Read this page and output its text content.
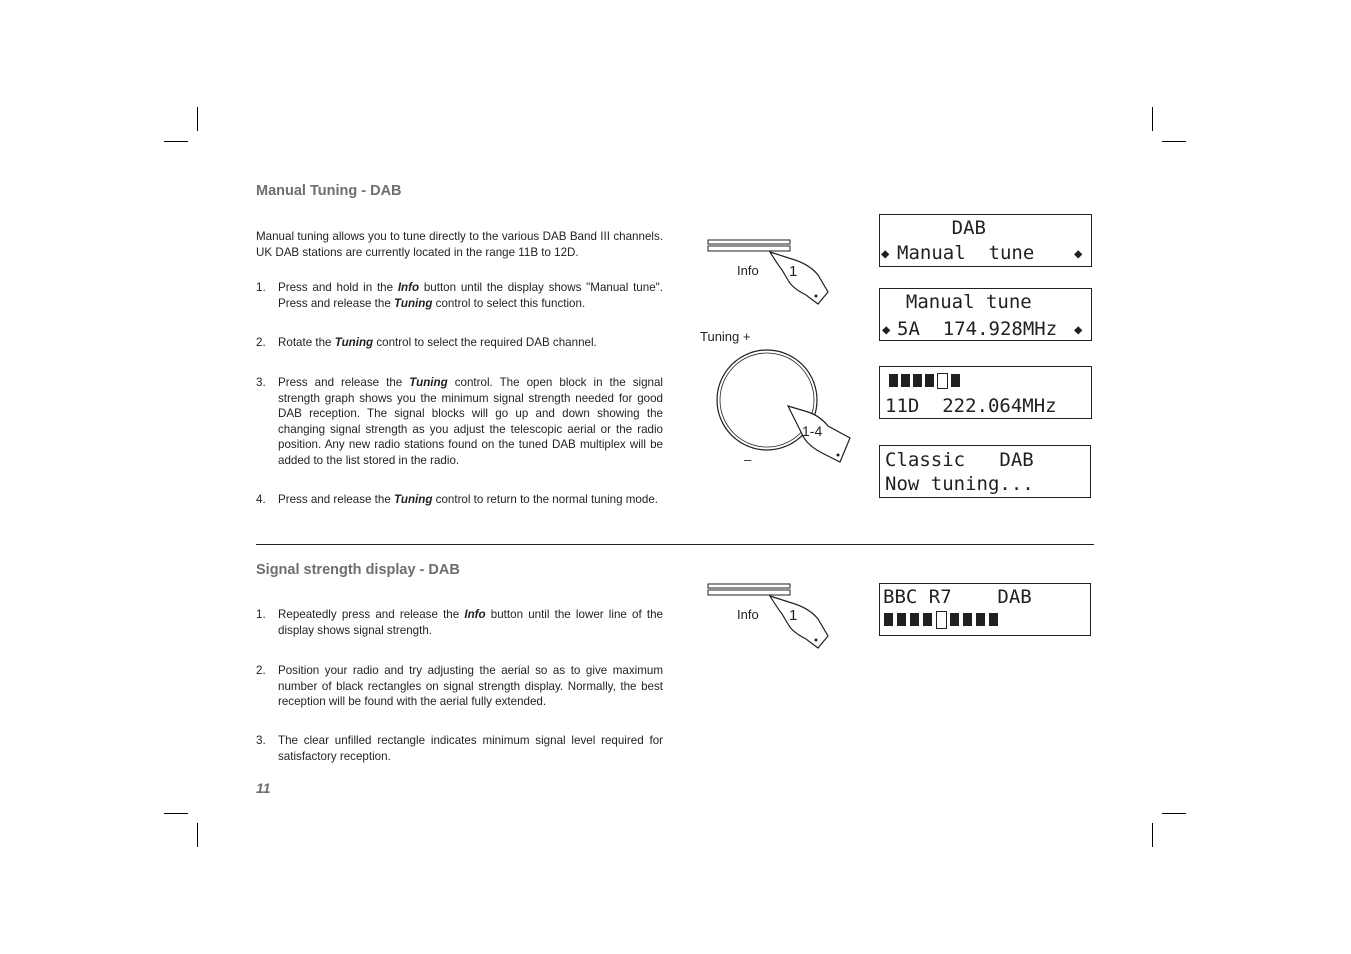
Manual Tuning - DAB

Manual tuning allows you to tune directly to the various DAB Band III channels. UK DAB stations are currently located in the range 11B to 12D.

1. Press and hold in the Info button until the display shows "Manual tune". Press and release the Tuning control to select this function.
2. Rotate the Tuning control to select the required DAB channel.
3. Press and release the Tuning control. The open block in the signal strength graph shows you the minimum signal strength needed for good DAB reception. The signal blocks will go up and down showing the changing signal strength as you adjust the telescopic aerial or the radio position. Any new radio stations found on the tuned DAB multiplex will be added to the list stored in the radio.
4. Press and release the Tuning control to return to the normal tuning mode.
Info 1
Tuning +
–
1-4
DAB
◆ Manual  tune	◆
Manual tune
◆ 5A  174.928MHz ◆
11D  222.064MHz
Classic   DAB
Now tuning...
Signal strength display - DAB
1. Repeatedly press and release the Info button until the lower line of the display shows signal strength.
2. Position your radio and try adjusting the aerial so as to give maximum number of black rectangles on signal strength display. Normally, the best reception will be found with the aerial fully extended.
3. The clear unfilled rectangle indicates minimum signal level required for satisfactory reception.
Info 1
BBC R7    DAB
11
